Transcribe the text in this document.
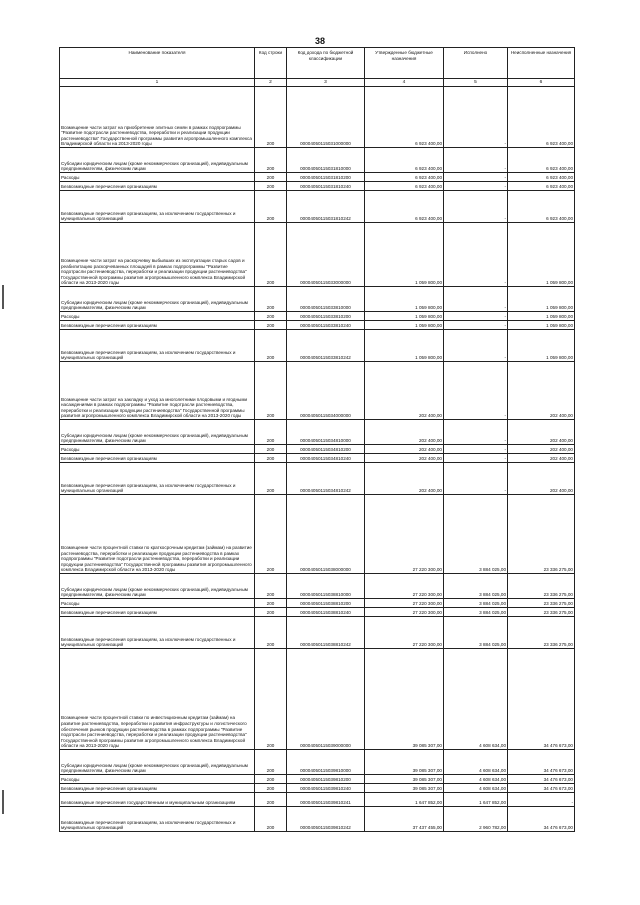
38
Наименование показателя	Код строки	Код дохода по бюджетной классификации	Утвержденные бюджетные назначения	Исполнено	Неисполненные назначения
1	2	3	4	5	6
Возмещение части затрат на приобретение элитных семян в рамках подпрограммы "Развитие подотрасли растениеводства, переработки и реализации продукции растениеводства" Государственной программы развития агропромышленного комплекса Владимирской области на 2013-2020 годы	200	00004050115031000000	6 923 400,00	-	6 923 400,00
Субсидии юридическим лицам (кроме некоммерческих организаций), индивидуальным предпринимателям, физическим лицам	200	00004050115031810000	6 923 400,00	-	6 923 400,00
Расходы	200	00004050115031810200	6 923 400,00	-	6 923 400,00
Безвозмездные перечисления организациям	200	00004050115031810240	6 923 400,00	-	6 923 400,00
Безвозмездные перечисления организациям, за исключением государственных и муниципальных организаций	200	00004050115031810242	6 923 400,00	-	6 923 400,00
Возмещение части затрат на раскорчевку выбывших из эксплуатации старых садов и реабилитацию раскорчеванных площадей в рамках подпрограммы "Развитие подотрасли растениеводства, переработки и реализации продукции растениеводства" Государственной программы развития агропромышленного комплекса Владимирской области на 2013-2020 годы	200	00004050115033000000	1 059 800,00	-	1 059 800,00
Субсидии юридическим лицам (кроме некоммерческих организаций), индивидуальным предпринимателям, физическим лицам	200	00004050115033810000	1 059 800,00	-	1 059 800,00
Расходы	200	00004050115033810200	1 059 800,00	-	1 059 800,00
Безвозмездные перечисления организациям	200	00004050115033810240	1 059 800,00	-	1 059 800,00
Безвозмездные перечисления организациям, за исключением государственных и муниципальных организаций	200	00004050115033810242	1 059 800,00	-	1 059 800,00
Возмещение части затрат на закладку и уход за многолетними плодовыми и ягодными насаждениями в рамках подпрограммы "Развитие подотрасли растениеводства, переработки и реализации продукции растениеводства" Государственной программы развития агропромышленного комплекса Владимирской области на 2013-2020 годы	200	00004050115034000000	202 400,00	-	202 400,00
Субсидии юридическим лицам (кроме некоммерческих организаций), индивидуальным предпринимателям, физическим лицам	200	00004050115034810000	202 400,00	-	202 400,00
Расходы	200	00004050115034810200	202 400,00	-	202 400,00
Безвозмездные перечисления организациям	200	00004050115034810240	202 400,00	-	202 400,00
Безвозмездные перечисления организациям, за исключением государственных и муниципальных организаций	200	00004050115034810242	202 400,00	-	202 400,00
Возмещение части процентной ставки по краткосрочным кредитам (займам) на развитие растениеводства, переработки и реализации продукции растениеводства в рамках подпрограммы "Развитие подотрасли растениеводства, переработки и реализации продукции растениеводства" Государственной программы развития агропромышленного комплекса Владимирской области на 2013-2020 годы	200	00004050115038000000	27 220 300,00	3 884 025,00	23 336 275,00
Субсидии юридическим лицам (кроме некоммерческих организаций), индивидуальным предпринимателям, физическим лицам	200	00004050115038810000	27 220 300,00	3 884 025,00	23 336 275,00
Расходы	200	00004050115038810200	27 220 300,00	3 884 025,00	23 336 275,00
Безвозмездные перечисления организациям	200	00004050115038810240	27 220 300,00	3 884 025,00	23 336 275,00
Безвозмездные перечисления организациям, за исключением государственных и муниципальных организаций	200	00004050115038810242	27 220 300,00	3 884 025,00	23 336 275,00
Возмещение части процентной ставки по инвестиционным кредитам (займам) на развитие растениеводства, переработки и развития инфраструктуры и логистического обеспечения рынков продукции растениеводства в рамках подпрограммы "Развитие подотрасли растениеводства, переработки и реализации продукции растениеводства" Государственной программы развития агропромышленного комплекса Владимирской области на 2013-2020 годы	200	00004050115039000000	39 085 307,00	4 608 634,00	34 476 673,00
Субсидии юридическим лицам (кроме некоммерческих организаций), индивидуальным предпринимателям, физическим лицам	200	00004050115039810000	39 085 307,00	4 608 634,00	34 476 673,00
Расходы	200	00004050115039810200	39 085 307,00	4 608 634,00	34 476 673,00
Безвозмездные перечисления организациям	200	00004050115039810240	39 085 307,00	4 608 634,00	34 476 673,00
Безвозмездные перечисления государственным и муниципальным организациям	200	00004050115039810241	1 647 852,00	1 647 852,00	-
Безвозмездные перечисления организациям, за исключением государственных и муниципальных организаций	200	00004050115039810242	37 437 455,00	2 960 782,00	34 476 673,00
